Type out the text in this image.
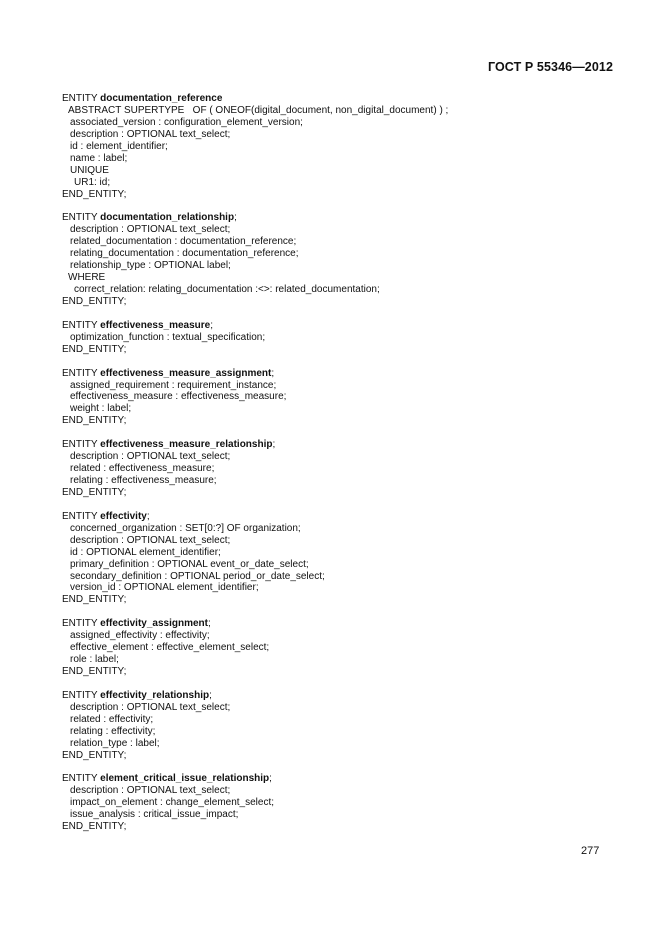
ГОСТ Р 55346—2012
ENTITY documentation_reference
ABSTRACT SUPERTYPE   OF ( ONEOF(digital_document, non_digital_document) ) ;
associated_version : configuration_element_version;
description : OPTIONAL text_select;
id : element_identifier;
name : label;
UNIQUE
UR1: id;
END_ENTITY;
ENTITY documentation_relationship;
description : OPTIONAL text_select;
related_documentation : documentation_reference;
relating_documentation : documentation_reference;
relationship_type : OPTIONAL label;
WHERE
correct_relation: relating_documentation :<>: related_documentation;
END_ENTITY;
ENTITY effectiveness_measure;
optimization_function : textual_specification;
END_ENTITY;
ENTITY effectiveness_measure_assignment;
assigned_requirement : requirement_instance;
effectiveness_measure : effectiveness_measure;
weight : label;
END_ENTITY;
ENTITY effectiveness_measure_relationship;
description : OPTIONAL text_select;
related : effectiveness_measure;
relating : effectiveness_measure;
END_ENTITY;
ENTITY effectivity;
concerned_organization : SET[0:?] OF organization;
description : OPTIONAL text_select;
id : OPTIONAL element_identifier;
primary_definition : OPTIONAL event_or_date_select;
secondary_definition : OPTIONAL period_or_date_select;
version_id : OPTIONAL element_identifier;
END_ENTITY;
ENTITY effectivity_assignment;
assigned_effectivity : effectivity;
effective_element : effective_element_select;
role : label;
END_ENTITY;
ENTITY effectivity_relationship;
description : OPTIONAL text_select;
related : effectivity;
relating : effectivity;
relation_type : label;
END_ENTITY;
ENTITY element_critical_issue_relationship;
description : OPTIONAL text_select;
impact_on_element : change_element_select;
issue_analysis : critical_issue_impact;
END_ENTITY;
277
